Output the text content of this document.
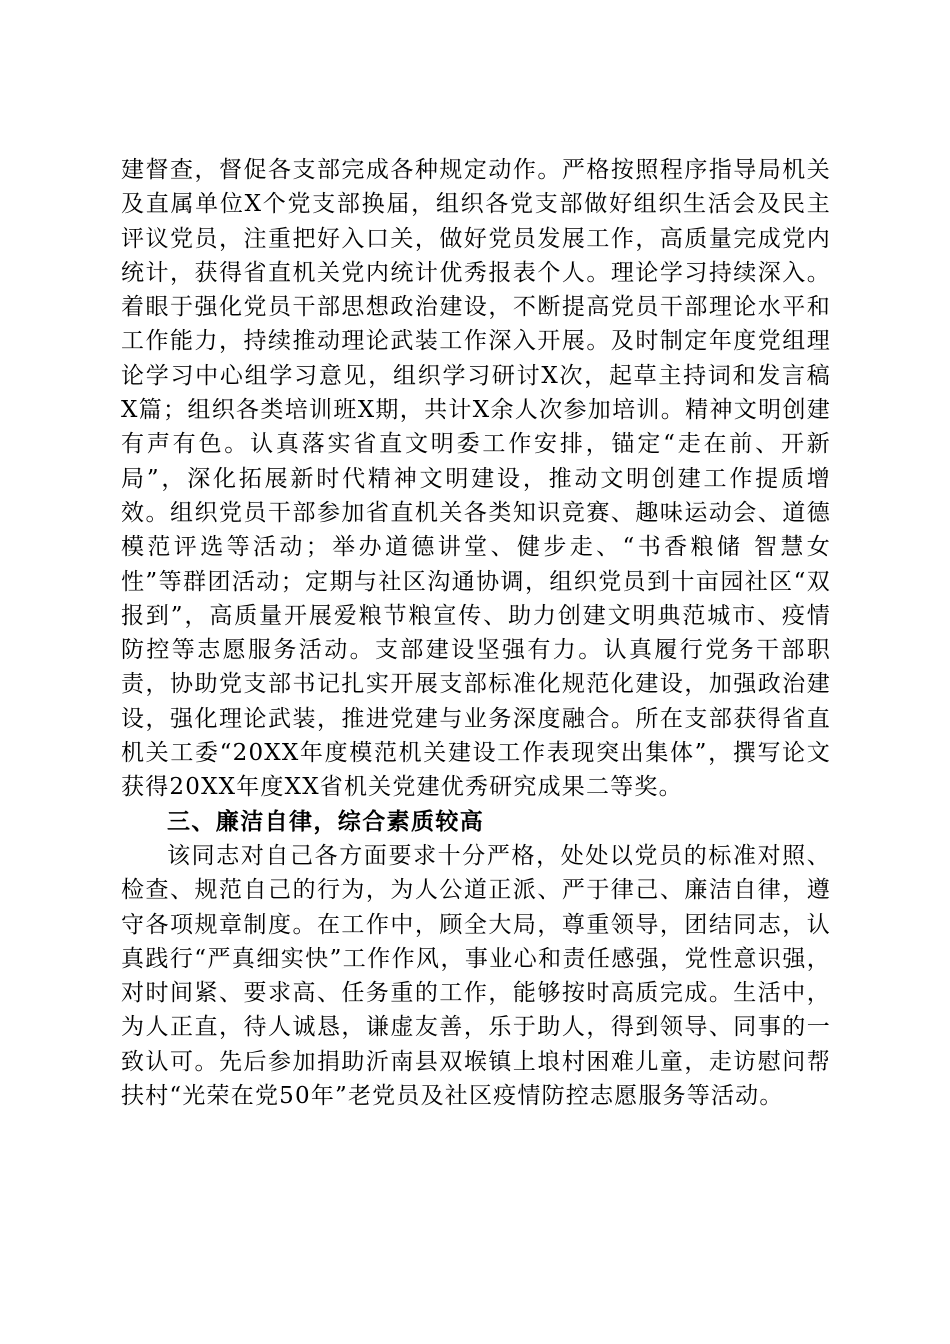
建督查，督促各支部完成各种规定动作。严格按照程序指导局机关及直属单位X个党支部换届，组织各党支部做好组织生活会及民主评议党员，注重把好入口关，做好党员发展工作，高质量完成党内统计，获得省直机关党内统计优秀报表个人。理论学习持续深入。着眼于强化党员干部思想政治建设，不断提高党员干部理论水平和工作能力，持续推动理论武装工作深入开展。及时制定年度党组理论学习中心组学习意见，组织学习研讨X次，起草主持词和发言稿X篇；组织各类培训班X期，共计X余人次参加培训。精神文明创建有声有色。认真落实省直文明委工作安排，锚定“走在前、开新局”，深化拓展新时代精神文明建设，推动文明创建工作提质增效。组织党员干部参加省直机关各类知识竞赛、趣味运动会、道德模范评选等活动；举办道德讲堂、健步走、“书香粮储 智慧女性”等群团活动；定期与社区沟通协调，组织党员到十亩园社区“双报到”，高质量开展爱粮节粮宣传、助力创建文明典范城市、疫情防控等志愿服务活动。支部建设坚强有力。认真履行党务干部职责，协助党支部书记扎实开展支部标准化规范化建设，加强政治建设，强化理论武装，推进党建与业务深度融合。所在支部获得省直机关工委“20XX年度模范机关建设工作表现突出集体”，撰写论文获得20XX年度XX省机关党建优秀研究成果二等奖。

三、廉洁自律，综合素质较高

该同志对自己各方面要求十分严格，处处以党员的标准对照、检查、规范自己的行为，为人公道正派、严于律己、廉洁自律，遵守各项规章制度。在工作中，顾全大局，尊重领导，团结同志，认真践行“严真细实快”工作作风，事业心和责任感强，党性意识强，对时间紧、要求高、任务重的工作，能够按时高质完成。生活中，为人正直，待人诚恳，谦虚友善，乐于助人，得到领导、同事的一致认可。先后参加捐助沂南县双堠镇上埌村困难儿童，走访慰问帮扶村“光荣在党50年”老党员及社区疫情防控志愿服务等活动。
